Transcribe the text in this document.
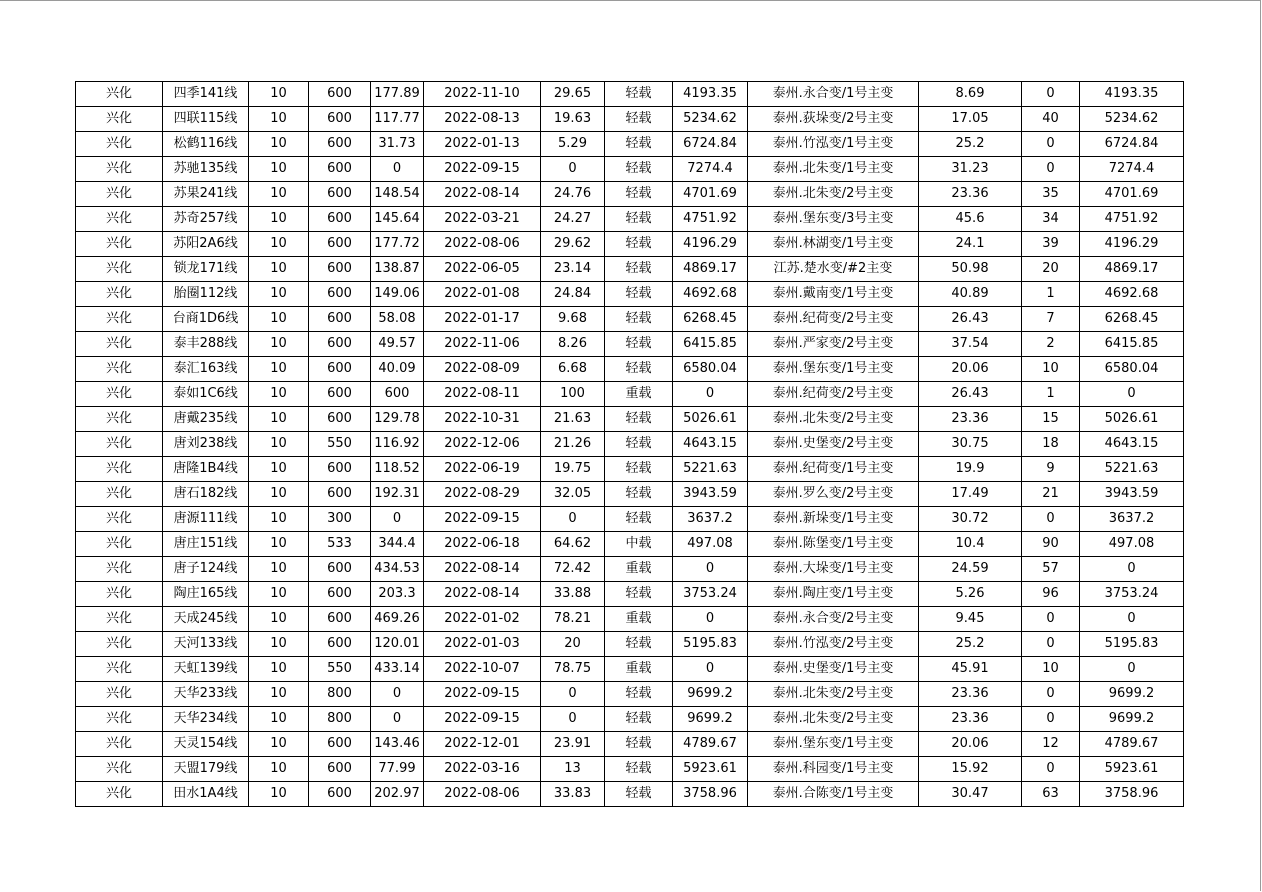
兴化	四季141线	10	600	177.89	2022-11-10	29.65	轻载	4193.35	泰州.永合变/1号主变	8.69	0	4193.35
兴化	四联115线	10	600	117.77	2022-08-13	19.63	轻载	5234.62	泰州.荻垛变/2号主变	17.05	40	5234.62
兴化	松鹤116线	10	600	31.73	2022-01-13	5.29	轻载	6724.84	泰州.竹泓变/1号主变	25.2	0	6724.84
兴化	苏驰135线	10	600	0	2022-09-15	0	轻载	7274.4	泰州.北朱变/1号主变	31.23	0	7274.4
兴化	苏果241线	10	600	148.54	2022-08-14	24.76	轻载	4701.69	泰州.北朱变/2号主变	23.36	35	4701.69
兴化	苏奇257线	10	600	145.64	2022-03-21	24.27	轻载	4751.92	泰州.堡东变/3号主变	45.6	34	4751.92
兴化	苏阳2A6线	10	600	177.72	2022-08-06	29.62	轻载	4196.29	泰州.林湖变/1号主变	24.1	39	4196.29
兴化	锁龙171线	10	600	138.87	2022-06-05	23.14	轻载	4869.17	江苏.楚水变/#2主变	50.98	20	4869.17
兴化	胎圈112线	10	600	149.06	2022-01-08	24.84	轻载	4692.68	泰州.戴南变/1号主变	40.89	1	4692.68
兴化	台商1D6线	10	600	58.08	2022-01-17	9.68	轻载	6268.45	泰州.纪荷变/2号主变	26.43	7	6268.45
兴化	泰丰288线	10	600	49.57	2022-11-06	8.26	轻载	6415.85	泰州.严家变/2号主变	37.54	2	6415.85
兴化	泰汇163线	10	600	40.09	2022-08-09	6.68	轻载	6580.04	泰州.堡东变/1号主变	20.06	10	6580.04
兴化	泰如1C6线	10	600	600	2022-08-11	100	重载	0	泰州.纪荷变/2号主变	26.43	1	0
兴化	唐戴235线	10	600	129.78	2022-10-31	21.63	轻载	5026.61	泰州.北朱变/2号主变	23.36	15	5026.61
兴化	唐刘238线	10	550	116.92	2022-12-06	21.26	轻载	4643.15	泰州.史堡变/2号主变	30.75	18	4643.15
兴化	唐隆1B4线	10	600	118.52	2022-06-19	19.75	轻载	5221.63	泰州.纪荷变/1号主变	19.9	9	5221.63
兴化	唐石182线	10	600	192.31	2022-08-29	32.05	轻载	3943.59	泰州.罗么变/2号主变	17.49	21	3943.59
兴化	唐源111线	10	300	0	2022-09-15	0	轻载	3637.2	泰州.新垛变/1号主变	30.72	0	3637.2
兴化	唐庄151线	10	533	344.4	2022-06-18	64.62	中载	497.08	泰州.陈堡变/1号主变	10.4	90	497.08
兴化	唐子124线	10	600	434.53	2022-08-14	72.42	重载	0	泰州.大垛变/1号主变	24.59	57	0
兴化	陶庄165线	10	600	203.3	2022-08-14	33.88	轻载	3753.24	泰州.陶庄变/1号主变	5.26	96	3753.24
兴化	天成245线	10	600	469.26	2022-01-02	78.21	重载	0	泰州.永合变/2号主变	9.45	0	0
兴化	天河133线	10	600	120.01	2022-01-03	20	轻载	5195.83	泰州.竹泓变/2号主变	25.2	0	5195.83
兴化	天虹139线	10	550	433.14	2022-10-07	78.75	重载	0	泰州.史堡变/1号主变	45.91	10	0
兴化	天华233线	10	800	0	2022-09-15	0	轻载	9699.2	泰州.北朱变/2号主变	23.36	0	9699.2
兴化	天华234线	10	800	0	2022-09-15	0	轻载	9699.2	泰州.北朱变/2号主变	23.36	0	9699.2
兴化	天灵154线	10	600	143.46	2022-12-01	23.91	轻载	4789.67	泰州.堡东变/1号主变	20.06	12	4789.67
兴化	天盟179线	10	600	77.99	2022-03-16	13	轻载	5923.61	泰州.科园变/1号主变	15.92	0	5923.61
兴化	田水1A4线	10	600	202.97	2022-08-06	33.83	轻载	3758.96	泰州.合陈变/1号主变	30.47	63	3758.96
